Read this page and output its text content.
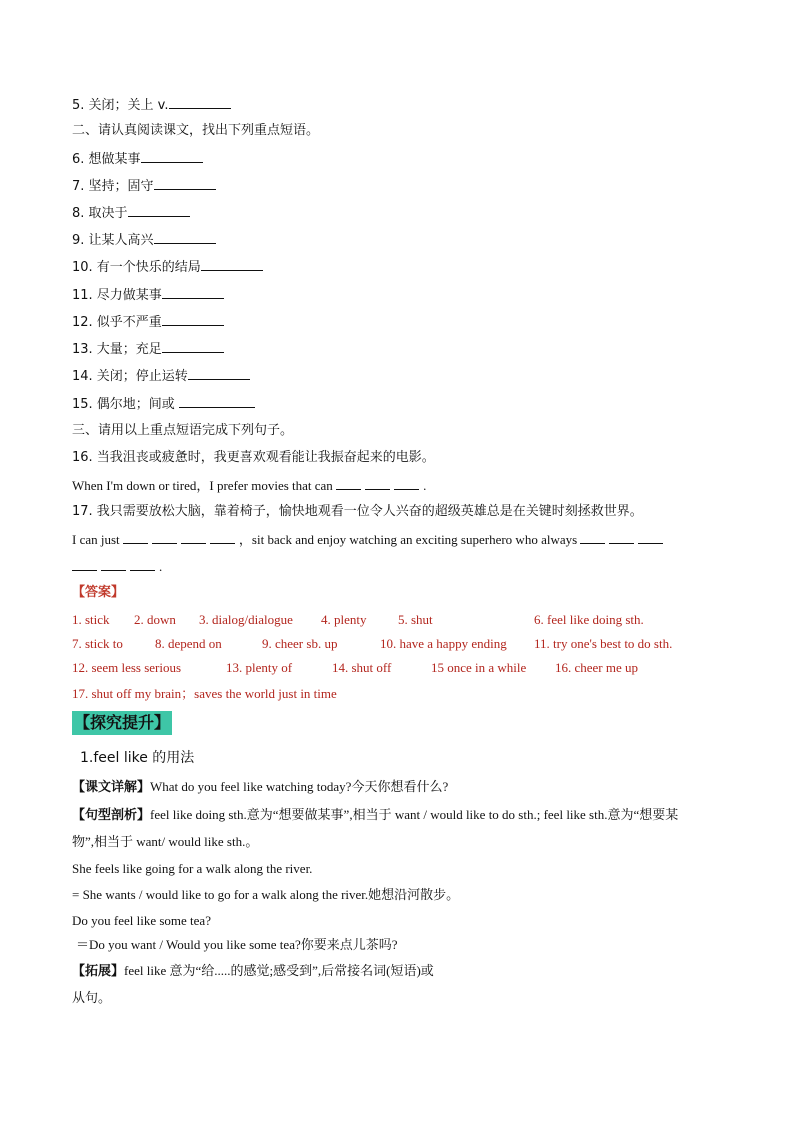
5. 关闭；关上 v.
二、请认真阅读课文，找出下列重点短语。
6. 想做某事
7. 坚持；固守
8. 取决于
9. 让某人高兴
10. 有一个快乐的结局
11. 尽力做某事
12. 似乎不严重
13. 大量；充足
14. 关闭；停止运转
15. 偶尔地；间或
三、请用以上重点短语完成下列句子。
16. 当我沮丧或疲惫时，我更喜欢观看能让我振奋起来的电影。
When I'm down or tired，I prefer movies that can	.
17. 我只需要放松大脑，靠着椅子，愉快地观看一位令人兴奋的超级英雄总是在关键时刻拯救世界。
I can just	，sit back and enjoy watching an exciting superhero who always
.
【答案】
1. stick 2. down 3. dialog/dialogue 4. plenty 5. shut	6. feel like doing sth.
7. stick to 8. depend on	9. cheer sb. up	10. have a happy ending 11. try one's best to do sth.
12. seem less serious	13. plenty of	14. shut off	15 once in a while 16. cheer me up
17. shut off my brain；saves the world just in time
【探究提升】
1.feel like 的用法
【课文详解】What do you feel like watching today?今天你想看什么?
【句型剖析】feel like doing sth.意为“想要做某事”,相当于 want / would like to do sth.; feel like sth.意为“想要某
物”,相当于 want/ would like sth.。
She feels like going for a walk along the river.
= She wants / would like to go for a walk along the river.她想沿河散步。
Do you feel like some tea?
＝Do you want / Would you like some tea?你要来点儿茶吗?
【拓展】feel like 意为“给.....的感觉;感受到”,后常接名词(短语)或
从句。
